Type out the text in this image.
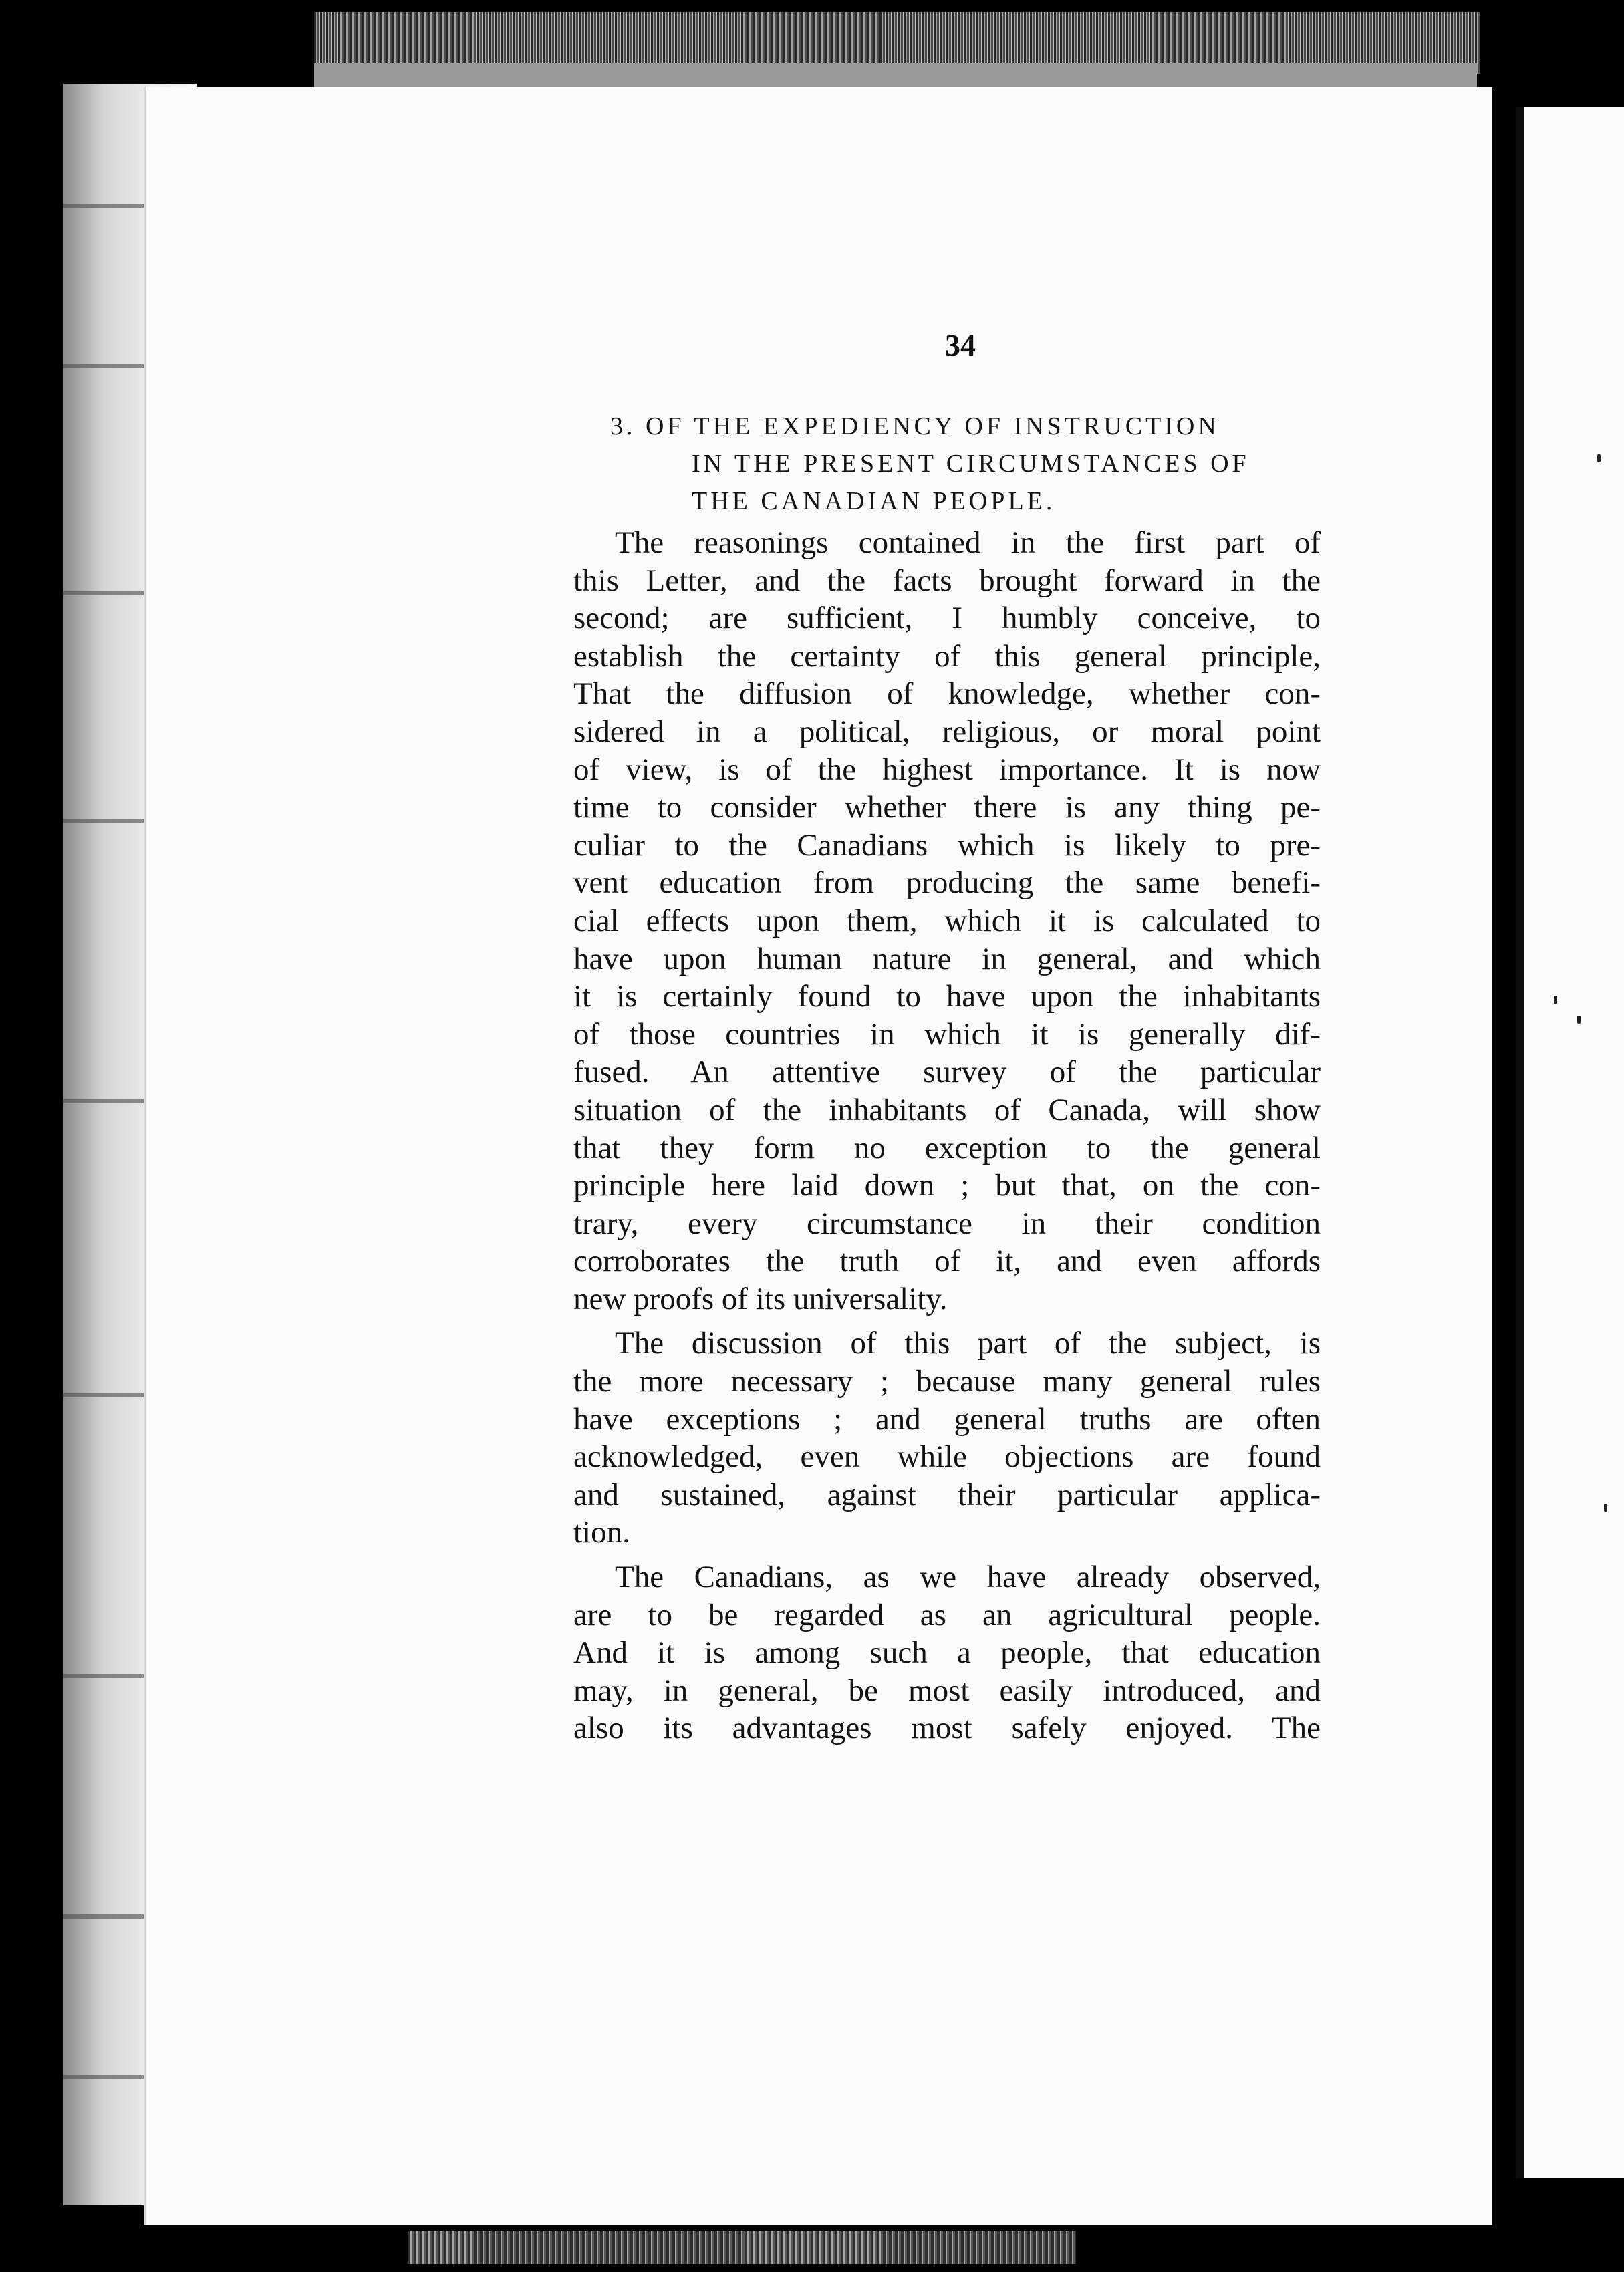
34
3. OF THE EXPEDIENCY OF INSTRUCTION
IN THE PRESENT CIRCUMSTANCES OF
THE CANADIAN PEOPLE.
The reasonings contained in the first part of
this Letter, and the facts brought forward in the
second; are sufficient, I humbly conceive, to
establish the certainty of this general principle,
That the diffusion of knowledge, whether con-
sidered in a political, religious, or moral point
of view, is of the highest importance. It is now
time to consider whether there is any thing pe-
culiar to the Canadians which is likely to pre-
vent education from producing the same benefi-
cial effects upon them, which it is calculated to
have upon human nature in general, and which
it is certainly found to have upon the inhabitants
of those countries in which it is generally dif-
fused. An attentive survey of the particular
situation of the inhabitants of Canada, will show
that they form no exception to the general
principle here laid down ; but that, on the con-
trary, every circumstance in their condition
corroborates the truth of it, and even affords
new proofs of its universality.
The discussion of this part of the subject, is
the more necessary ; because many general rules
have exceptions ; and general truths are often
acknowledged, even while objections are found
and sustained, against their particular applica-
tion.
The Canadians, as we have already observed,
are to be regarded as an agricultural people.
And it is among such a people, that education
may, in general, be most easily introduced, and
also its advantages most safely enjoyed. The
